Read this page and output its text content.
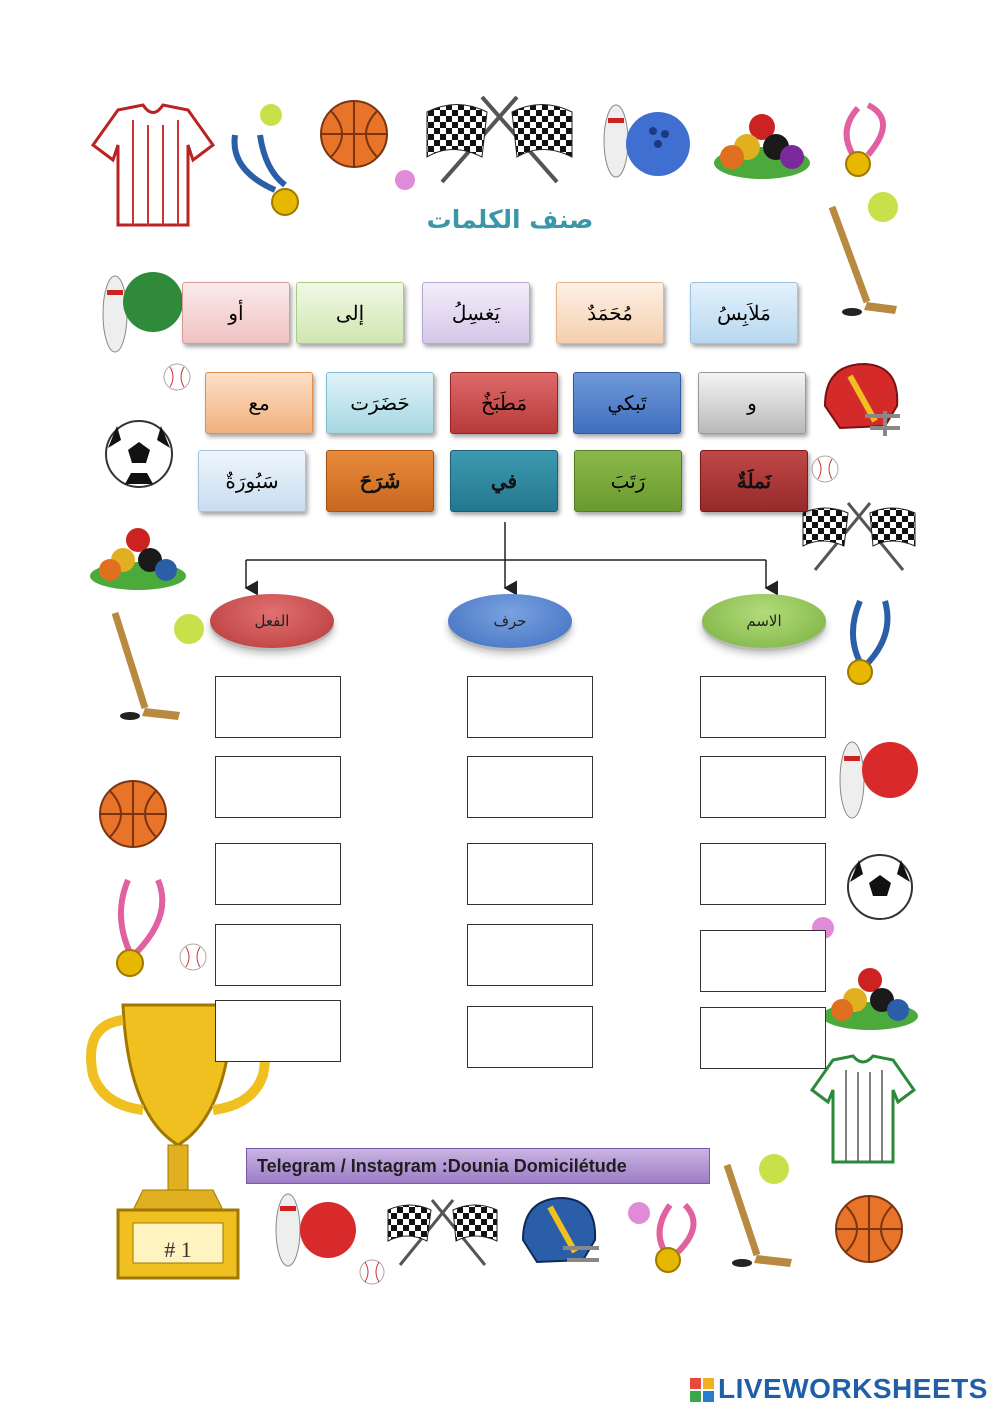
# 1
صنف الكلمات
مَلاَبِسُ
مُحَمَدٌ
يَغسِلُ
إلى
أو
و
تَبكي
مَطَبَخٌ
حَضَرَت
مع
نَملَةٌ
رَتَبَ
في
شَرَحَ
سَبُورَةٌ
الفعل	حرف	الاسم
Telegram / Instagram :Dounia Domicilétude
LIVEWORKSHEETS
